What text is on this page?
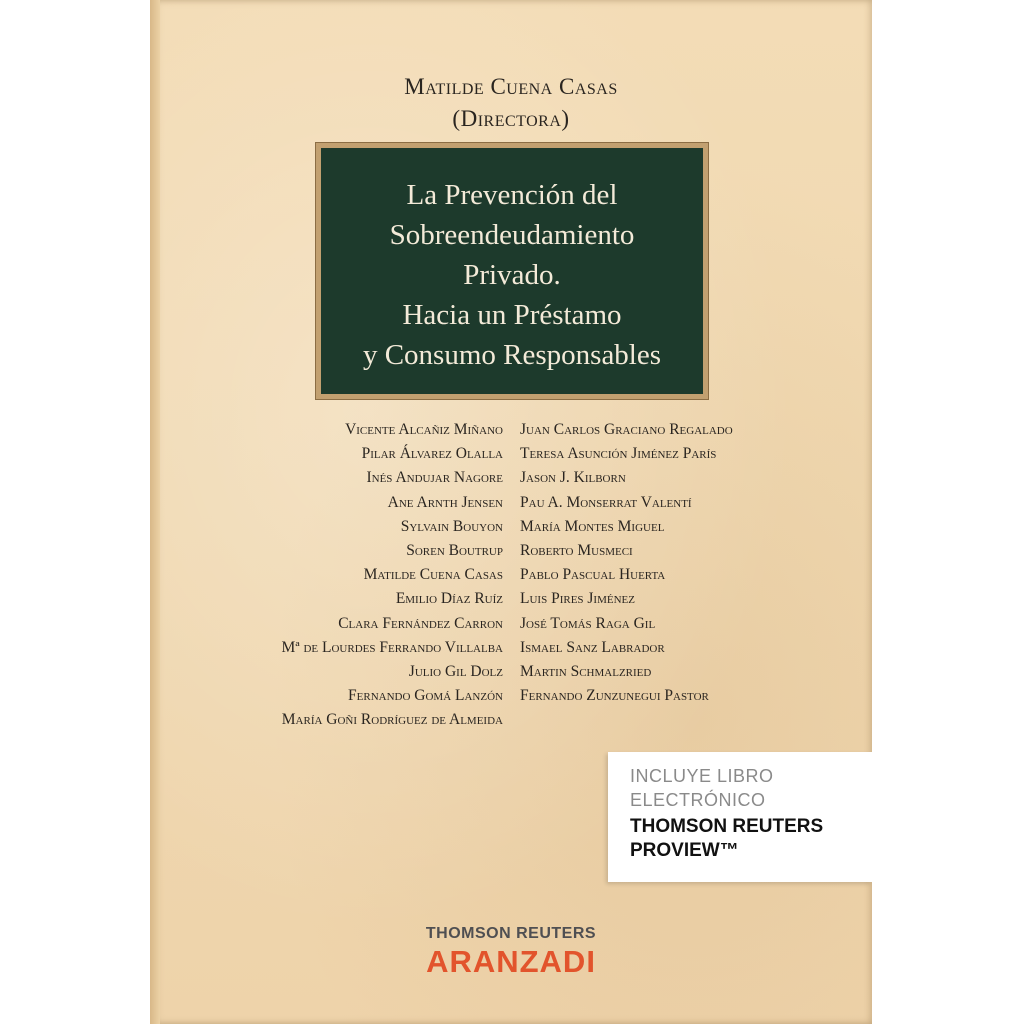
Matilde Cuena Casas
(Directora)
La Prevención del
Sobreendeudamiento
Privado.
Hacia un Préstamo
y Consumo Responsables
Vicente Alcañiz Miñano
Pilar Álvarez Olalla
Inés Andujar Nagore
Ane Arnth Jensen
Sylvain Bouyon
Soren Boutrup
Matilde Cuena Casas
Emilio Díaz Ruíz
Clara Fernández Carron
Mª de Lourdes Ferrando Villalba
Julio Gil Dolz
Fernando Gomá Lanzón
María Goñi Rodríguez de Almeida
Juan Carlos Graciano Regalado
Teresa Asunción Jiménez París
Jason J. Kilborn
Pau A. Monserrat Valentí
María Montes Miguel
Roberto Musmeci
Pablo Pascual Huerta
Luis Pires Jiménez
José Tomás Raga Gil
Ismael Sanz Labrador
Martin Schmalzried
Fernando Zunzunegui Pastor
INCLUYE LIBRO
ELECTRÓNICO
THOMSON REUTERS
PROVIEW™
THOMSON REUTERS
ARANZADI
